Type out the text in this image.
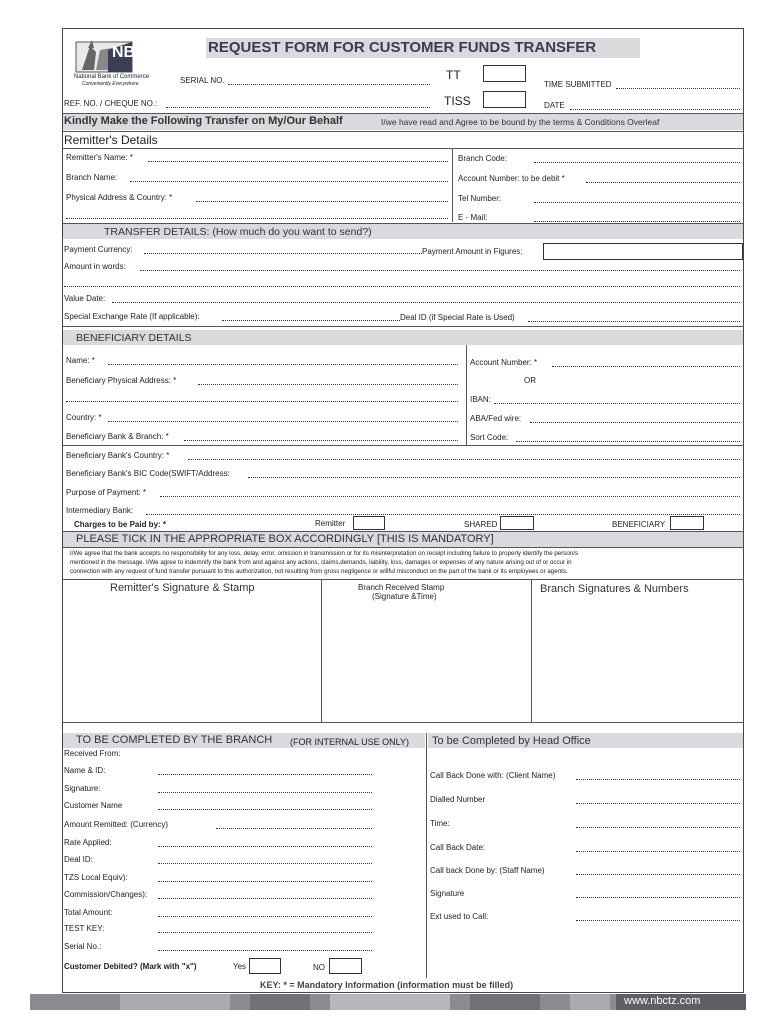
NBC
National Bank of Commerce
Conveniently Everywhere
REQUEST FORM FOR CUSTOMER FUNDS TRANSFER
SERIAL NO.
REF. NO. / CHEQUE NO.:
TT
TISS
TIME SUBMITTED
DATE
Kindly Make the Following Transfer on My/Our Behalf	I/we have read and Agree to be bound by the terms & Conditions Overleaf
Remitter's Details
Remitter's Name: *
Branch Name:
Physical Address & Country: *
Branch Code:
Account Number: to be debit *
Tel Number:
E - Mail:
TRANSFER DETAILS: (How much do you want to send?)
Payment Currency:	Payment Amount in Figures:
Amount in words:
Value Date:
Special Exchange Rate (If applicable):	Deal ID (if Special Rate is Used)
BENEFICIARY DETAILS
Name: *
Beneficiary Physical Address: *
Country: *
Beneficiary Bank & Branch: *
Account Number: *
OR
IBAN:
ABA/Fed wire:
Sort Code:
Beneficiary Bank's Country: *
Beneficiary Bank's BIC Code(SWIFT/Address:
Purpose of Payment: *
Intermediary Bank:
Charges to be Paid by: *	Remitter	SHARED	BENEFICIARY
PLEASE TICK IN THE APPROPRIATE BOX ACCORDINGLY [THIS IS MANDATORY]
I/We agree that the bank accepts no responsibility for any loss, delay, error, omission in transmission or for its misinterpretation on receipt including failure to properly identify the person/s
mentioned in the message. I/We agree to indemnify the bank from and against any actions, claims,demands, liability, loss, damages or expenses of any nature arising out of or occur in
connection with any request of fund transfer pursuant to this authorization, not resulting from gross negligence or willful misconduct on the part of the bank or its employees or agents.
Remitter's Signature & Stamp	Branch Received Stamp
(Signature &Time)
Branch Signatures & Numbers
TO BE COMPLETED BY THE BRANCH (FOR INTERNAL USE ONLY)
Received From:
Name & ID:
Signature:
Customer Name
Amount Remitted: (Currency)
Rate Applied:
Deal ID:
TZS Local Equiv):
Commission/Changes):
Total Amount:
TEST KEY:
Serial No.:
Customer Debited? (Mark with "x")	Yes	NO
To be Completed by Head Office
Call Back Done with: (Client Name)
Dialled Number
Time:
Call Back Date:
Call back Done by: (Staff Name)
Signature
Ext used to Call:
KEY: * = Mandatory Information (information must be filled)
www.nbctz.com
